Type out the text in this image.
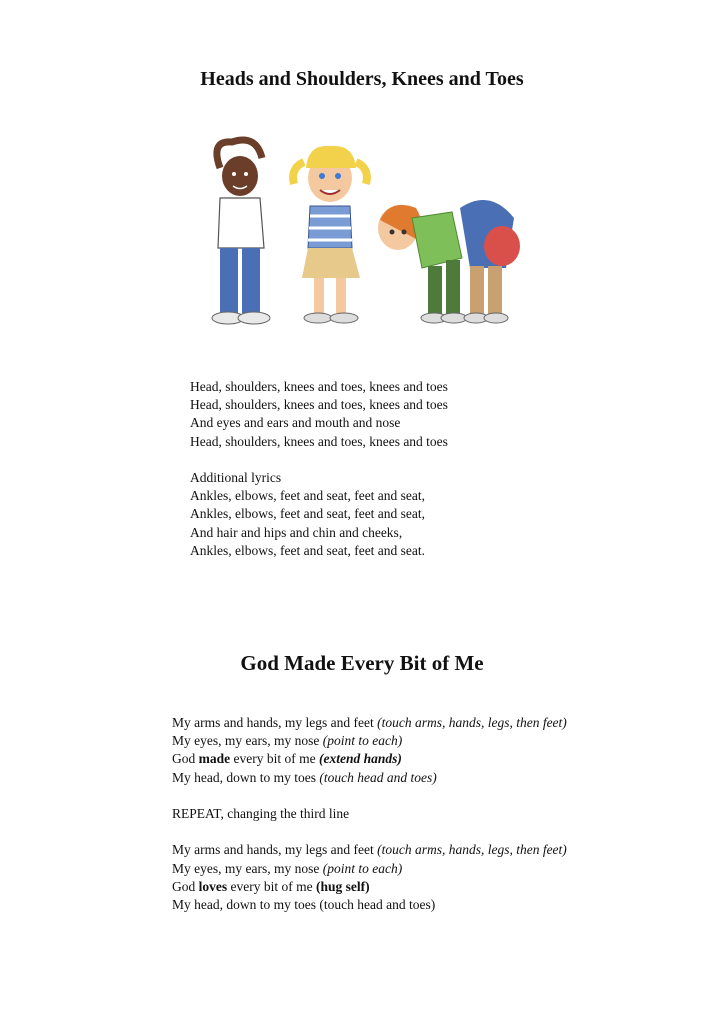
Heads and Shoulders, Knees and Toes
Head, shoulders, knees and toes, knees and toes
Head, shoulders, knees and toes, knees and toes
And eyes and ears and mouth and nose
Head, shoulders, knees and toes, knees and toes
Additional lyrics
Ankles, elbows, feet and seat, feet and seat,
Ankles, elbows, feet and seat, feet and seat,
And hair and hips and chin and cheeks,
Ankles, elbows, feet and seat, feet and seat.
God Made Every Bit of Me
My arms and hands, my legs and feet (touch arms, hands, legs, then feet)
My eyes, my ears, my nose (point to each)
God made every bit of me (extend hands)
My head, down to my toes (touch head and toes)
REPEAT, changing the third line
My arms and hands, my legs and feet (touch arms, hands, legs, then feet)
My eyes, my ears, my nose (point to each)
God loves every bit of me (hug self)
My head, down to my toes (touch head and toes)
